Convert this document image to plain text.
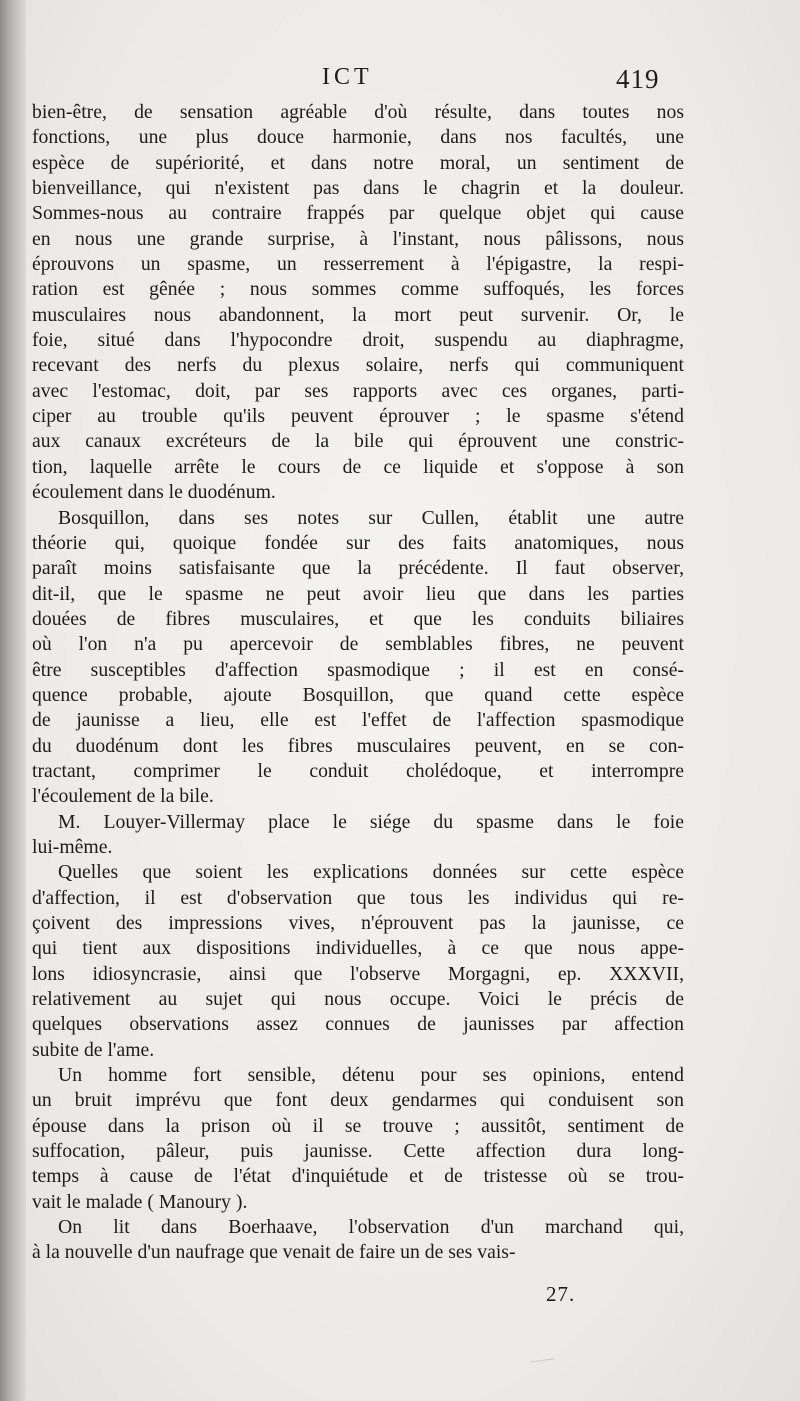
ICT	419
bien-être, de sensation agréable d'où résulte, dans toutes nos
fonctions, une plus douce harmonie, dans nos facultés, une
espèce de supériorité, et dans notre moral, un sentiment de
bienveillance, qui n'existent pas dans le chagrin et la douleur.
Sommes-nous au contraire frappés par quelque objet qui cause
en nous une grande surprise, à l'instant, nous pâlissons, nous
éprouvons un spasme, un resserrement à l'épigastre, la respi-
ration est gênée ; nous sommes comme suffoqués, les forces
musculaires nous abandonnent, la mort peut survenir. Or, le
foie, situé dans l'hypocondre droit, suspendu au diaphragme,
recevant des nerfs du plexus solaire, nerfs qui communiquent
avec l'estomac, doit, par ses rapports avec ces organes, parti-
ciper au trouble qu'ils peuvent éprouver ; le spasme s'étend
aux canaux excréteurs de la bile qui éprouvent une constric-
tion, laquelle arrête le cours de ce liquide et s'oppose à son
écoulement dans le duodénum.
Bosquillon, dans ses notes sur Cullen, établit une autre
théorie qui, quoique fondée sur des faits anatomiques, nous
paraît moins satisfaisante que la précédente. Il faut observer,
dit-il, que le spasme ne peut avoir lieu que dans les parties
douées de fibres musculaires, et que les conduits biliaires
où l'on n'a pu apercevoir de semblables fibres, ne peuvent
être susceptibles d'affection spasmodique ; il est en consé-
quence probable, ajoute Bosquillon, que quand cette espèce
de jaunisse a lieu, elle est l'effet de l'affection spasmodique
du duodénum dont les fibres musculaires peuvent, en se con-
tractant, comprimer le conduit cholédoque, et interrompre
l'écoulement de la bile.
M. Louyer-Villermay place le siége du spasme dans le foie
lui-même.
Quelles que soient les explications données sur cette espèce
d'affection, il est d'observation que tous les individus qui re-
çoivent des impressions vives, n'éprouvent pas la jaunisse, ce
qui tient aux dispositions individuelles, à ce que nous appe-
lons idiosyncrasie, ainsi que l'observe Morgagni, ep. XXXVII,
relativement au sujet qui nous occupe. Voici le précis de
quelques observations assez connues de jaunisses par affection
subite de l'ame.
Un homme fort sensible, détenu pour ses opinions, entend
un bruit imprévu que font deux gendarmes qui conduisent son
épouse dans la prison où il se trouve ; aussitôt, sentiment de
suffocation, pâleur, puis jaunisse. Cette affection dura long-
temps à cause de l'état d'inquiétude et de tristesse où se trou-
vait le malade ( Manoury ).
On lit dans Boerhaave, l'observation d'un marchand qui,
à la nouvelle d'un naufrage que venait de faire un de ses vais-
27.
